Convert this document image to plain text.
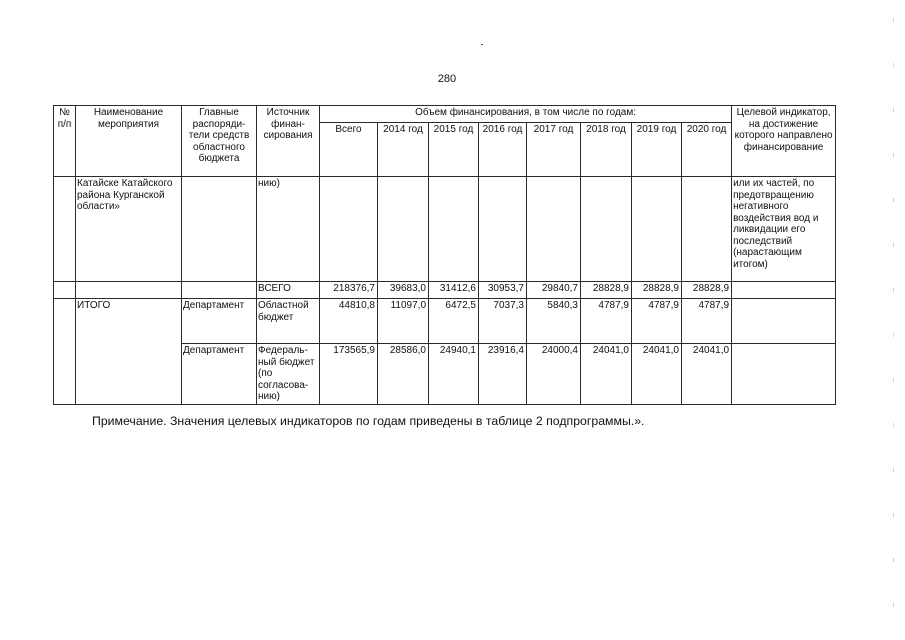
280
№ п/п	Наименование мероприятия	Главные распоряди-тели средств областного бюджета	Источник финан-сирования	Объем финансирования, в том числе по годам:								Целевой индикатор, на достижение которого направлено финансирование
				Всего	2014 год	2015 год	2016 год	2017 год	2018 год	2019 год	2020 год	
	Катайске Катайского района Курганской области»		нию)									или их частей, по предотвращению негативного воздействия вод и ликвидации его последствий (нарастающим итогом)
			ВСЕГО	218376,7	39683,0	31412,6	30953,7	29840,7	28828,9	28828,9	28828,9	
	ИТОГО	Департамент	Областной бюджет	44810,8	11097,0	6472,5	7037,3	5840,3	4787,9	4787,9	4787,9	
		Департамент	Федераль-ный бюджет (по согласова-нию)	173565,9	28586,0	24940,1	23916,4	24000,4	24041,0	24041,0	24041,0	
Примечание. Значения целевых индикаторов по годам приведены в таблице 2 подпрограммы.».
